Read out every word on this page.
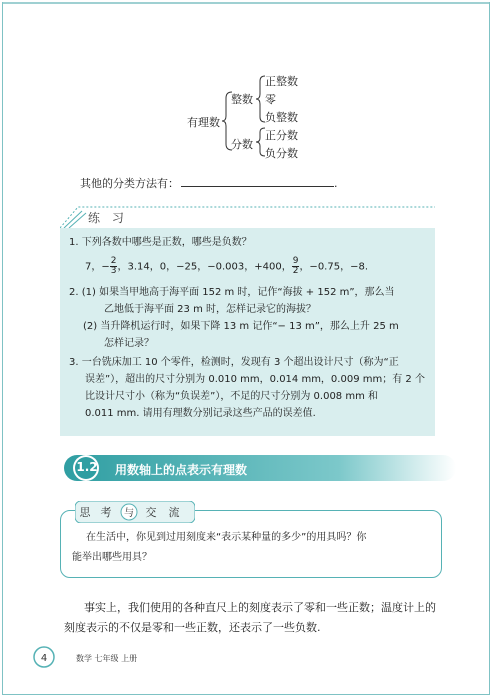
有理数
整数
正整数
零
负整数
分数
正分数
负分数
其他的分类方法有：	.
练 习
1. 下列各数中哪些是正数，哪些是负数？
7，− $\frac{2}{3}$ ，3.14，0，−25，−0.003，+400， $\frac{9}{2}$ ，−0.75，−8.
2. (1) 如果当甲地高于海平面 152 m 时，记作“海拔 + 152 m”，那么当
乙地低于海平面 23 m 时，怎样记录它的海拔？
(2) 当升降机运行时，如果下降 13 m 记作“− 13 m”，那么上升 25 m
怎样记录？
3. 一台铣床加工 10 个零件，检测时，发现有 3 个超出设计尺寸（称为“正
误差”），超出的尺寸分别为 0.010 mm，0.014 mm，0.009 mm；有 2 个
比设计尺寸小（称为“负误差”），不足的尺寸分别为 0.008 mm 和
0.011 mm. 请用有理数分别记录这些产品的误差值.
1.2	用数轴上的点表示有理数
思 考	与 交 流
在生活中，你见到过用刻度来“表示某种量的多少”的用具吗？你
能举出哪些用具？
事实上，我们使用的各种直尺上的刻度表示了零和一些正数；温度计上的
刻度表示的不仅是零和一些正数，还表示了一些负数.
4	数学 七年级 上册
